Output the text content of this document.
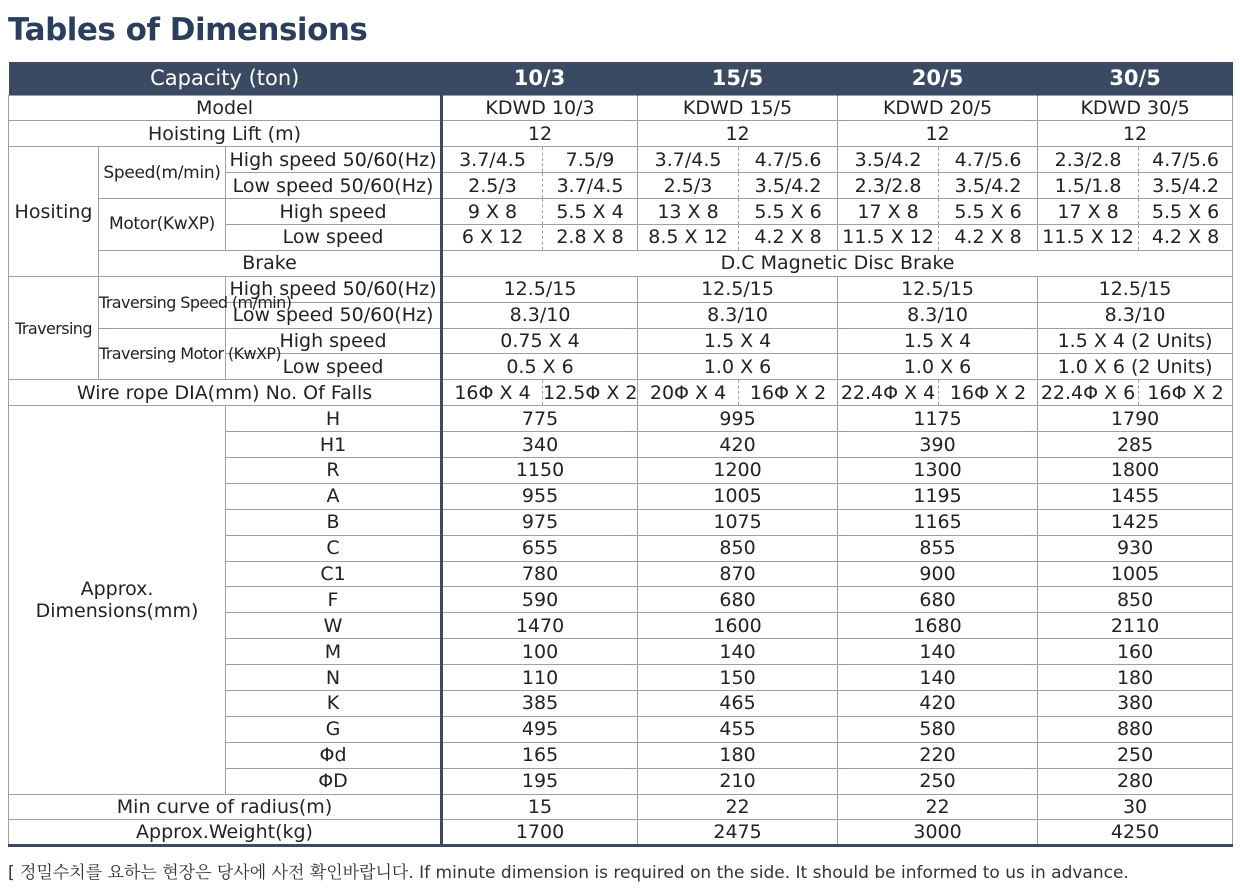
Tables of Dimensions
Capacity (ton)			10/3		15/5		20/5		30/5	
Model			KDWD 10/3		KDWD 15/5		KDWD 20/5		KDWD 30/5	
Hoisting Lift (m)			12		12		12		12	
Hositing	Speed(m/min)	High speed 50/60(Hz)	3.7/4.5	7.5/9	3.7/4.5	4.7/5.6	3.5/4.2	4.7/5.6	2.3/2.8	4.7/5.6
		Low speed 50/60(Hz)	2.5/3	3.7/4.5	2.5/3	3.5/4.2	2.3/2.8	3.5/4.2	1.5/1.8	3.5/4.2
	Motor(KwXP)	High speed	9 X 8	5.5 X 4	13 X 8	5.5 X 6	17 X 8	5.5 X 6	17 X 8	5.5 X 6
		Low speed	6 X 12	2.8 X 8	8.5 X 12	4.2 X 8	11.5 X 12	4.2 X 8	11.5 X 12	4.2 X 8
	Brake		D.C Magnetic Disc Brake							
Traversing	Traversing Speed (m/min)	High speed 50/60(Hz)	12.5/15		12.5/15		12.5/15		12.5/15	
		Low speed 50/60(Hz)	8.3/10		8.3/10		8.3/10		8.3/10	
	Traversing Motor (KwXP)	High speed	0.75 X 4		1.5 X 4		1.5 X 4		1.5 X 4 (2 Units)	
		Low speed	0.5 X 6		1.0 X 6		1.0 X 6		1.0 X 6 (2 Units)	
Wire rope DIA(mm) No. Of Falls			16Φ X 4	12.5Φ X 2	20Φ X 4	16Φ X 2	22.4Φ X 4	16Φ X 2	22.4Φ X 6	16Φ X 2
Approx. Dimensions(mm)		H	775		995		1175		1790	
		H1	340		420		390		285	
		R	1150		1200		1300		1800	
		A	955		1005		1195		1455	
		B	975		1075		1165		1425	
		C	655		850		855		930	
		C1	780		870		900		1005	
		F	590		680		680		850	
		W	1470		1600		1680		2110	
		M	100		140		140		160	
		N	110		150		140		180	
		K	385		465		420		380	
		G	495		455		580		880	
		Φd	165		180		220		250	
		ΦD	195		210		250		280	
Min curve of radius(m)			15		22		22		30	
Approx.Weight(kg)			1700		2475		3000		4250	
[ 정밀수치를 요하는 현장은 당사에 사전 확인바랍니다. If minute dimension is required on the side. It should be informed to us in advance.
